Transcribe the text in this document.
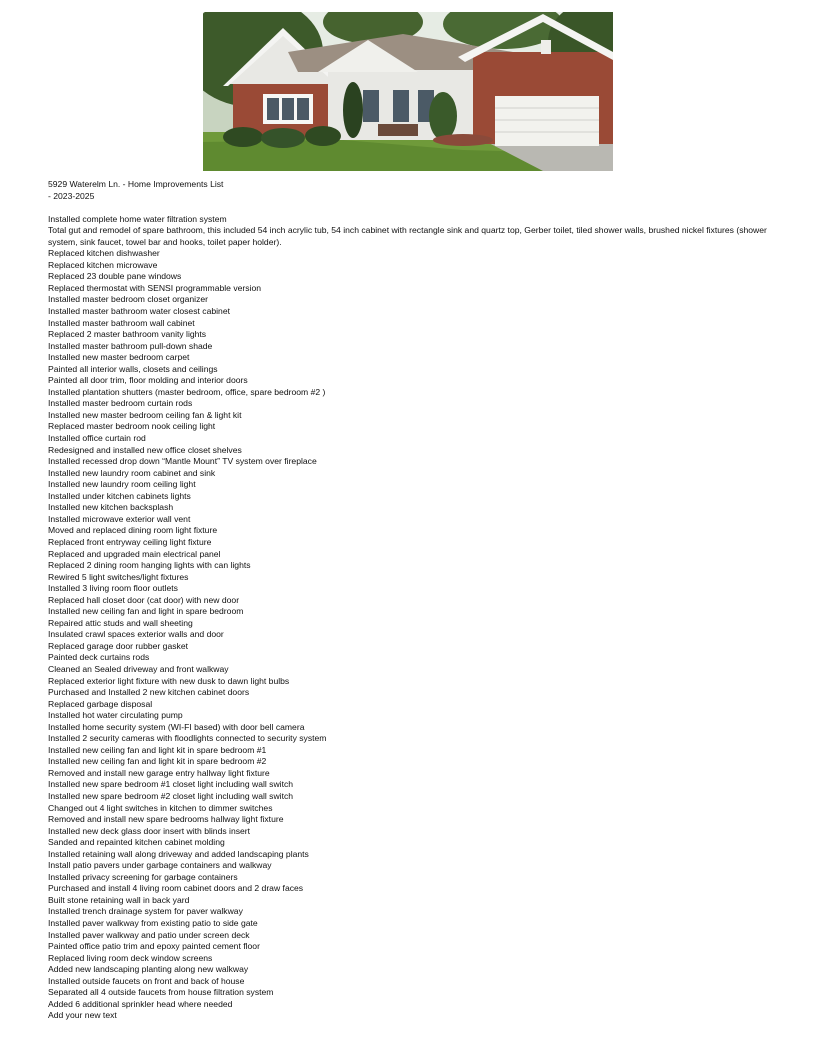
5929 Waterelm Ln. - Home Improvements List
- 2023-2025
Installed complete home water filtration system
Total gut and remodel of spare bathroom, this included 54 inch acrylic tub, 54 inch cabinet with rectangle sink and quartz top, Gerber toilet, tiled shower walls, brushed nickel fixtures (shower system, sink faucet, towel bar and hooks, toilet paper holder).
Replaced kitchen dishwasher
Replaced kitchen microwave
Replaced 23 double pane windows
Replaced thermostat with SENSI programmable version
Installed master bedroom closet organizer
Installed master bathroom water closest cabinet
Installed master bathroom wall cabinet
Replaced 2 master bathroom vanity lights
Installed master bathroom pull-down shade
Installed new master bedroom carpet
Painted all interior walls, closets and ceilings
Painted all door trim, floor molding and interior doors
Installed plantation shutters (master bedroom, office, spare bedroom #2 )
Installed master bedroom curtain rods
Installed new master bedroom ceiling fan & light kit
Replaced master bedroom nook ceiling light
Installed office curtain rod
Redesigned and installed new office closet shelves
Installed recessed drop down “Mantle Mount” TV system over fireplace
Installed new laundry room cabinet and sink
Installed new laundry room ceiling light
Installed under kitchen cabinets lights
Installed new kitchen backsplash
Installed microwave exterior wall vent
Moved and replaced dining room light fixture
Replaced front entryway ceiling light fixture
Replaced and upgraded main electrical panel
Replaced 2 dining room hanging lights with can lights
Rewired 5 light switches/light fixtures
Installed 3 living room floor outlets
Replaced hall closet door (cat door) with new door
Installed new ceiling fan and light in spare bedroom
Repaired attic studs and wall sheeting
Insulated crawl spaces exterior walls and door
Replaced garage door rubber gasket
Painted deck curtains rods
Cleaned an Sealed driveway and front walkway
Replaced exterior light fixture with new dusk to dawn light bulbs
Purchased and Installed 2 new kitchen cabinet doors
Replaced garbage disposal
Installed hot water circulating pump
Installed home security system (WI-FI based) with door bell camera
Installed 2 security cameras with floodlights connected to security system
Installed new ceiling fan and light kit in spare bedroom #1
Installed new ceiling fan and light kit in spare bedroom #2
Removed and install new garage entry hallway light fixture
Installed new spare bedroom #1 closet light including wall switch
Installed new spare bedroom #2 closet light including wall switch
Changed out 4 light switches in kitchen to dimmer switches
Removed and install new spare bedrooms hallway light fixture
Installed new deck glass door insert with blinds insert
Sanded and repainted kitchen cabinet molding
Installed retaining wall along driveway and added landscaping plants
Install patio pavers under garbage containers and walkway
Installed privacy screening for garbage containers
Purchased and install 4 living room cabinet doors and 2 draw faces
Built stone retaining wall in back yard
Installed trench drainage system for paver walkway
Installed paver walkway from existing patio to side gate
Installed paver walkway and patio under screen deck
Painted office patio trim and epoxy painted cement floor
Replaced living room deck window screens
Added new landscaping planting along new walkway
Installed outside faucets on front and back of house
Separated all 4 outside faucets from house filtration system
Added 6 additional sprinkler head where needed
Add your new text
